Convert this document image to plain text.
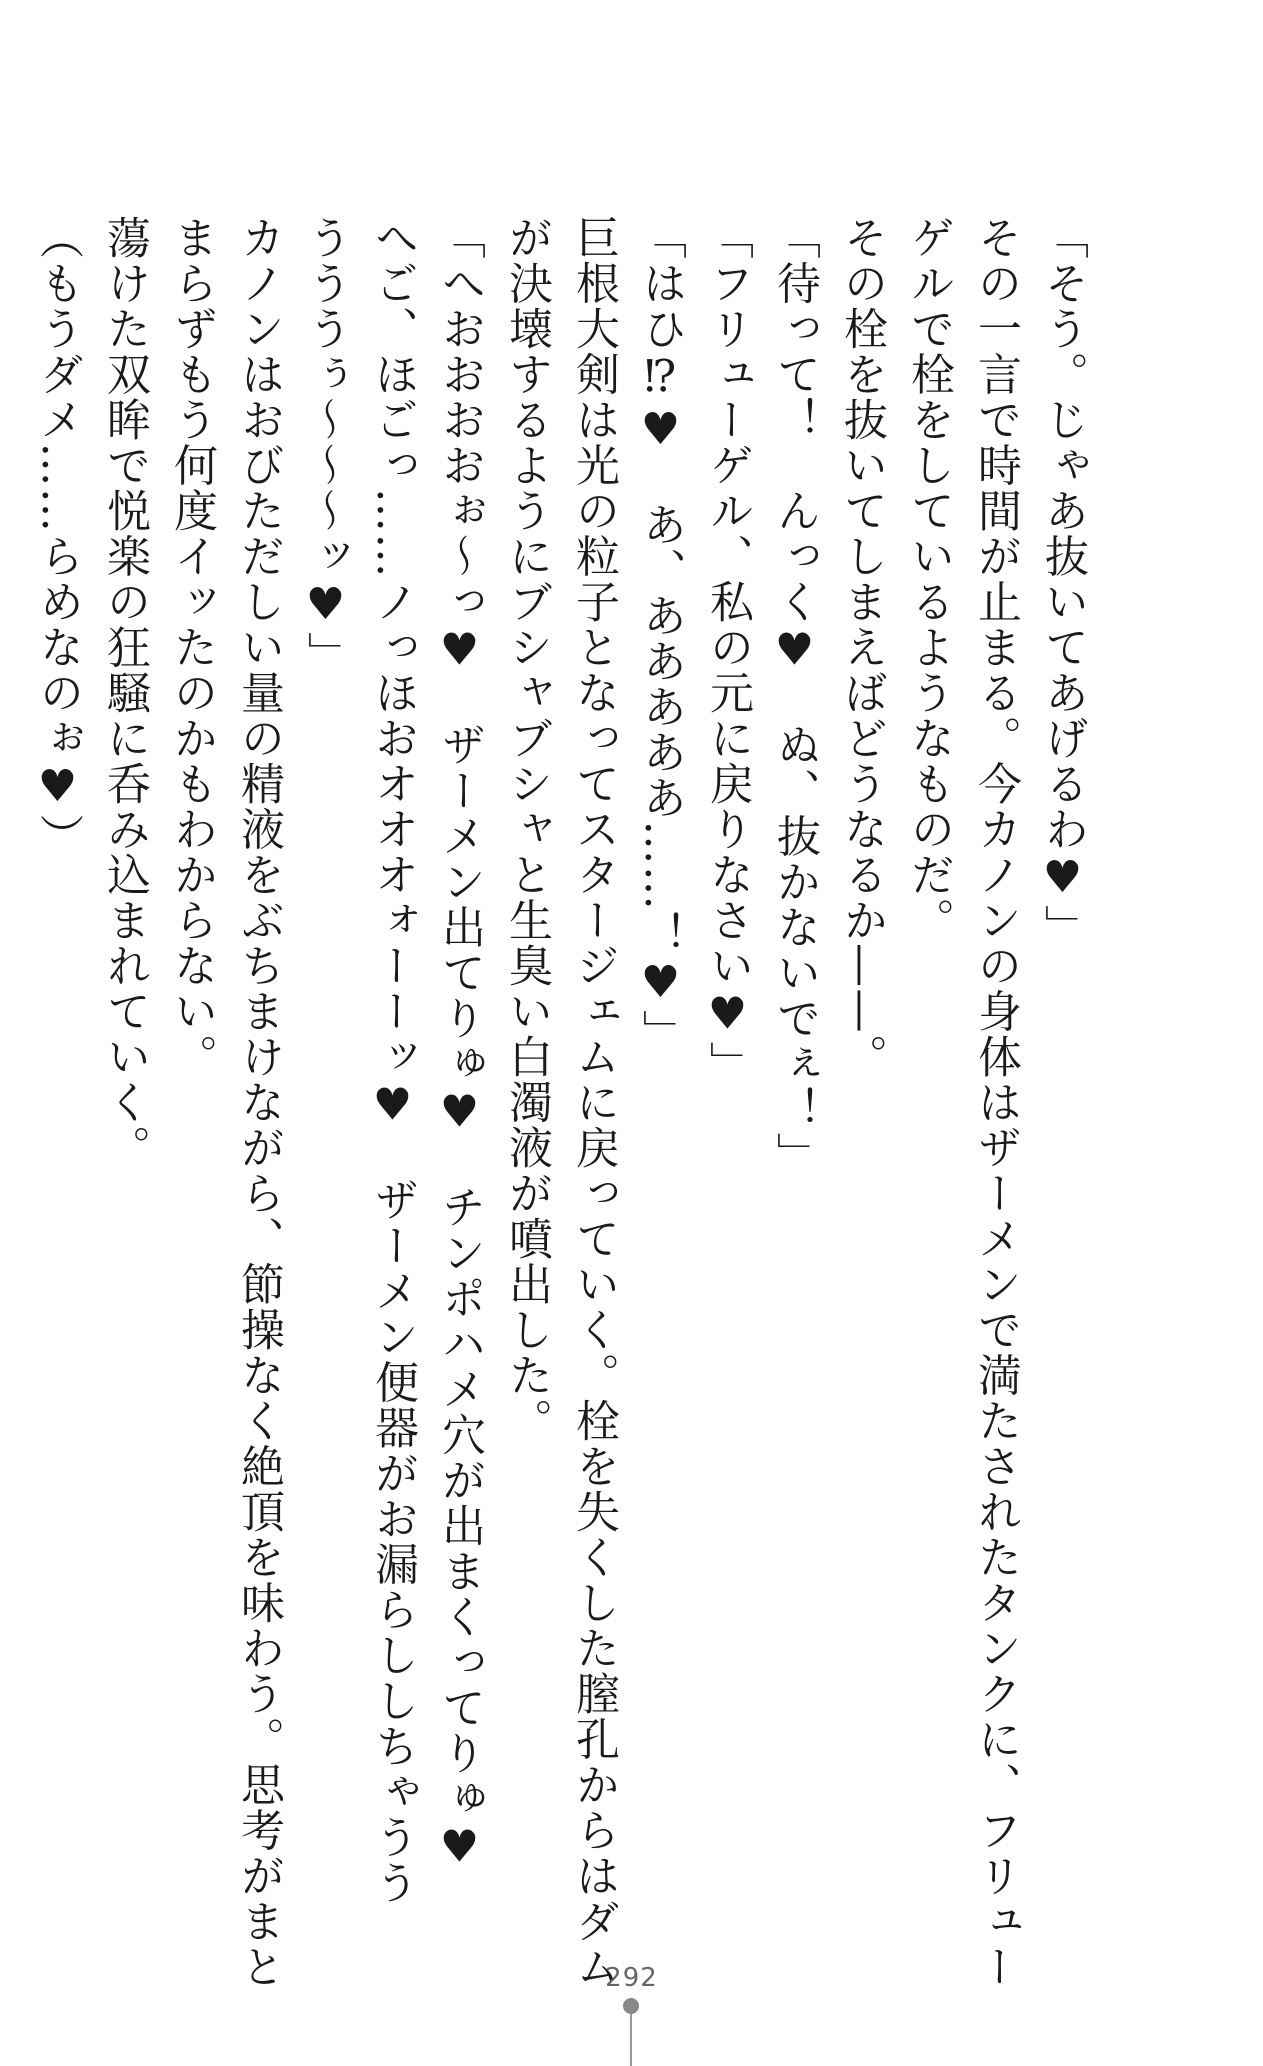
「そう。じゃあ抜いてあげるわ♥」
その一言で時間が止まる。今カノンの身体はザーメンで満たされたタンクに、フリュー
ゲルで栓をしているようなものだ。
その栓を抜いてしまえばどうなるか——。
「待って！　んっく♥　ぬ、抜かないでぇ！」
「フリューゲル、私の元に戻りなさい♥」
「はひ⁉︎♥　あ、あああああ……！♥」
巨根大剣は光の粒子となってスタージェムに戻っていく。栓を失くした膣孔からはダム
が決壊するようにブシャブシャと生臭い白濁液が噴出した。
「へおおおおぉ〜っ♥　ザーメン出てりゅ♥　チンポハメ穴が出まくってりゅ♥
へご、ほごっ……ノっほおオオオォーーッ♥　ザーメン便器がお漏らししちゃうう
うううぅ〜〜〜ッ♥」
カノンはおびただしい量の精液をぶちまけながら、節操なく絶頂を味わう。思考がまと
まらずもう何度イッたのかもわからない。
蕩けた双眸で悦楽の狂騒に呑み込まれていく。
（もうダメ……らめなのぉ♥）
292
